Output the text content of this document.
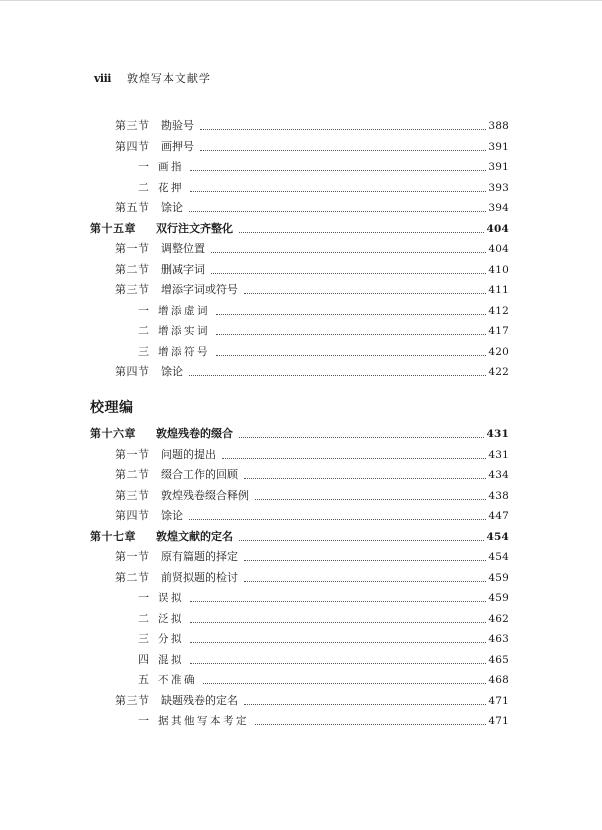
viii 敦煌写本文献学
校理编
第三节 勘验号	388
第四节 画押号	391
一 画指	391
二 花押	393
第五节 馀论	394
第十五章	双行注文齐整化	404
第一节 调整位置	404
第二节 删减字词	410
第三节 增添字词或符号	411
一 增添虚词	412
二 增添实词	417
三 增添符号	420
第四节 馀论	422
第十六章	敦煌残卷的缀合	431
第一节 问题的提出	431
第二节 缀合工作的回顾	434
第三节 敦煌残卷缀合释例	438
第四节 馀论	447
第十七章	敦煌文献的定名	454
第一节 原有篇题的择定	454
第二节 前贤拟题的检讨	459
一 误拟	459
二 泛拟	462
三 分拟	463
四 混拟	465
五 不准确	468
第三节 缺题残卷的定名	471
一 据其他写本考定	471
